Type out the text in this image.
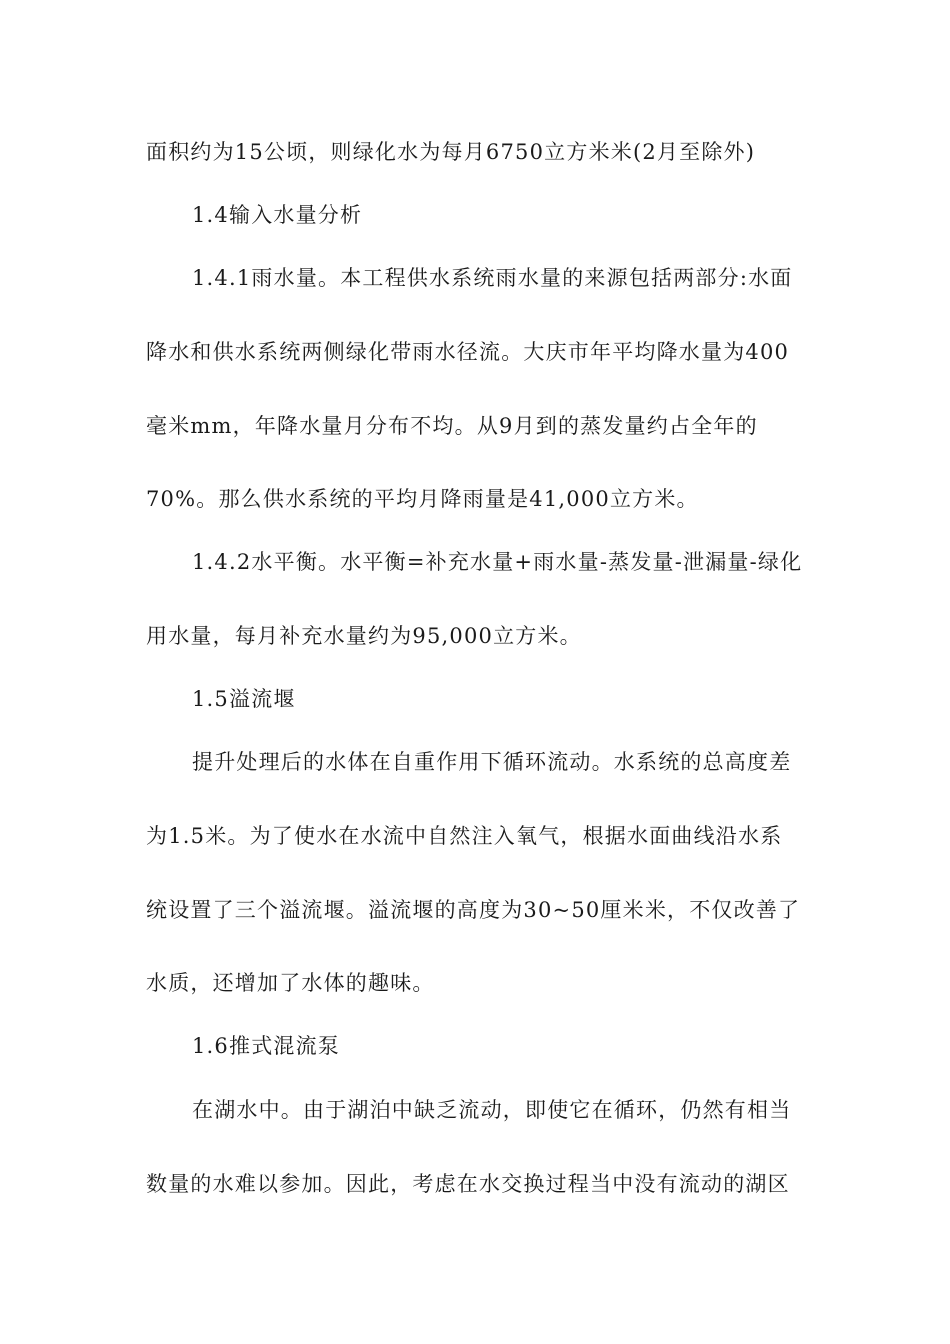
面积约为15公顷，则绿化水为每月6750立方米米(2月至除外)
1.4输入水量分析
1.4.1雨水量。本工程供水系统雨水量的来源包括两部分:水面
降水和供水系统两侧绿化带雨水径流。大庆市年平均降水量为400
毫米mm，年降水量月分布不均。从9月到的蒸发量约占全年的
70%。那么供水系统的平均月降雨量是41,000立方米。
1.4.2水平衡。水平衡=补充水量+雨水量-蒸发量-泄漏量-绿化
用水量，每月补充水量约为95,000立方米。
1.5溢流堰
提升处理后的水体在自重作用下循环流动。水系统的总高度差
为1.5米。为了使水在水流中自然注入氧气，根据水面曲线沿水系
统设置了三个溢流堰。溢流堰的高度为30~50厘米米，不仅改善了
水质，还增加了水体的趣味。
1.6推式混流泵
在湖水中。由于湖泊中缺乏流动，即使它在循环，仍然有相当
数量的水难以参加。因此，考虑在水交换过程当中没有流动的湖区
